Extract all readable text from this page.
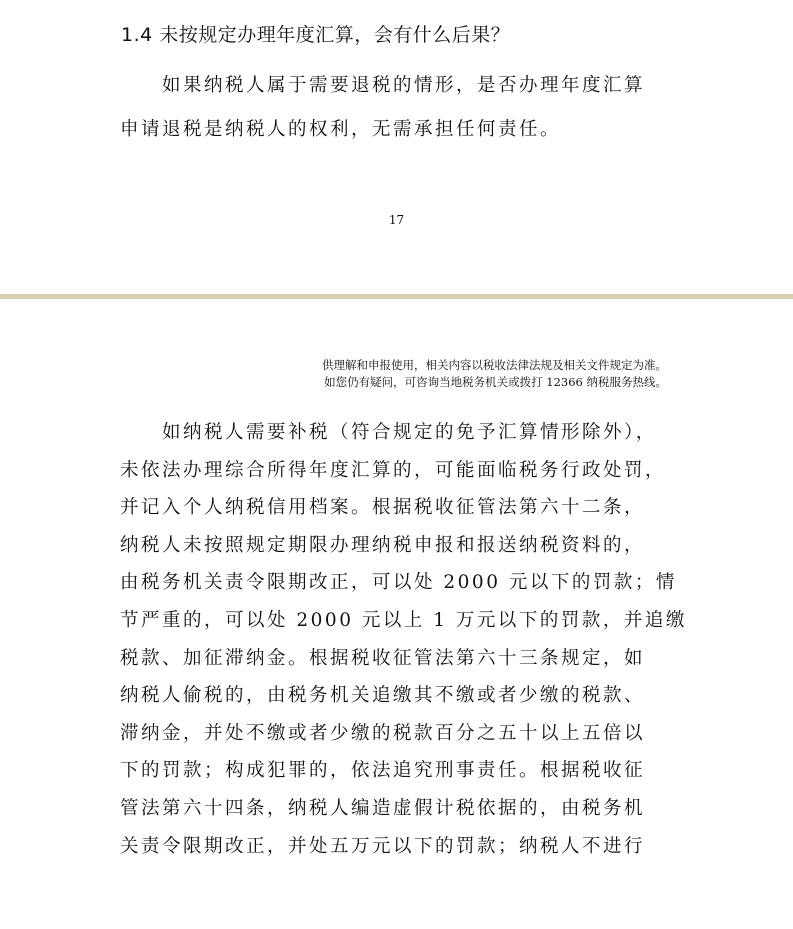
1.4 未按规定办理年度汇算，会有什么后果？

　　如果纳税人属于需要退税的情形，是否办理年度汇算

申请退税是纳税人的权利，无需承担任何责任。

17
供理解和申报使用，相关内容以税收法律法规及相关文件规定为准。
如您仍有疑问，可咨询当地税务机关或拨打 12366 纳税服务热线。

　　如纳税人需要补税（符合规定的免予汇算情形除外），

未依法办理综合所得年度汇算的，可能面临税务行政处罚，

并记入个人纳税信用档案。根据税收征管法第六十二条，

纳税人未按照规定期限办理纳税申报和报送纳税资料的，

由税务机关责令限期改正，可以处 2000 元以下的罚款；情

节严重的，可以处 2000 元以上 1 万元以下的罚款，并追缴

税款、加征滞纳金。根据税收征管法第六十三条规定，如

纳税人偷税的，由税务机关追缴其不缴或者少缴的税款、

滞纳金，并处不缴或者少缴的税款百分之五十以上五倍以

下的罚款；构成犯罪的，依法追究刑事责任。根据税收征

管法第六十四条，纳税人编造虚假计税依据的，由税务机

关责令限期改正，并处五万元以下的罚款；纳税人不进行
